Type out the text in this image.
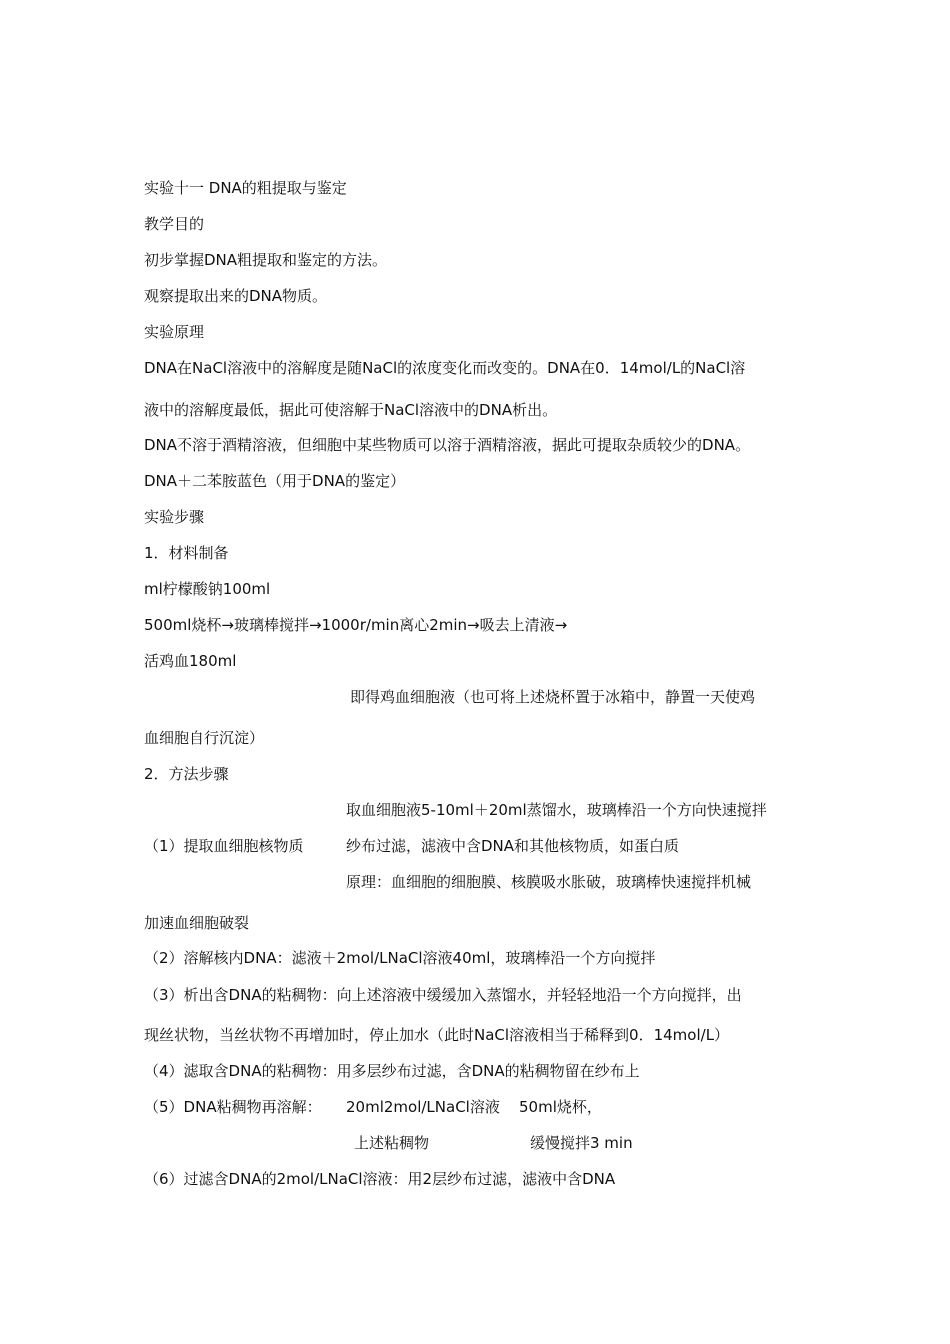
实验十一 DNA的粗提取与鉴定
教学目的
初步掌握DNA粗提取和鉴定的方法。
观察提取出来的DNA物质。
实验原理
DNA在NaCl溶液中的溶解度是随NaCl的浓度变化而改变的。DNA在0．14mol/L的NaCl溶
液中的溶解度最低，据此可使溶解于NaCl溶液中的DNA析出。
DNA不溶于酒精溶液，但细胞中某些物质可以溶于酒精溶液，据此可提取杂质较少的DNA。
DNA＋二苯胺蓝色（用于DNA的鉴定）
实验步骤
1．材料制备
ml柠檬酸钠100ml
500ml烧杯→玻璃棒搅拌→1000r/min离心2min→吸去上清液→
活鸡血180ml
即得鸡血细胞液（也可将上述烧杯置于冰箱中，静置一天使鸡
血细胞自行沉淀）
2．方法步骤
取血细胞液5-10ml＋20ml蒸馏水，玻璃棒沿一个方向快速搅拌
（1）提取血细胞核物质	纱布过滤，滤液中含DNA和其他核物质，如蛋白质
原理：血细胞的细胞膜、核膜吸水胀破，玻璃棒快速搅拌机械
加速血细胞破裂
（2）溶解核内DNA：滤液＋2mol/LNaCl溶液40ml，玻璃棒沿一个方向搅拌
（3）析出含DNA的粘稠物：向上述溶液中缓缓加入蒸馏水，并轻轻地沿一个方向搅拌，出
现丝状物，当丝状物不再增加时，停止加水（此时NaCl溶液相当于稀释到0．14mol/L）
（4）滤取含DNA的粘稠物：用多层纱布过滤，含DNA的粘稠物留在纱布上
（5）DNA粘稠物再溶解： 20ml2mol/LNaCl溶液 50ml烧杯，
上述粘稠物	缓慢搅拌3 min
（6）过滤含DNA的2mol/LNaCl溶液：用2层纱布过滤，滤液中含DNA
